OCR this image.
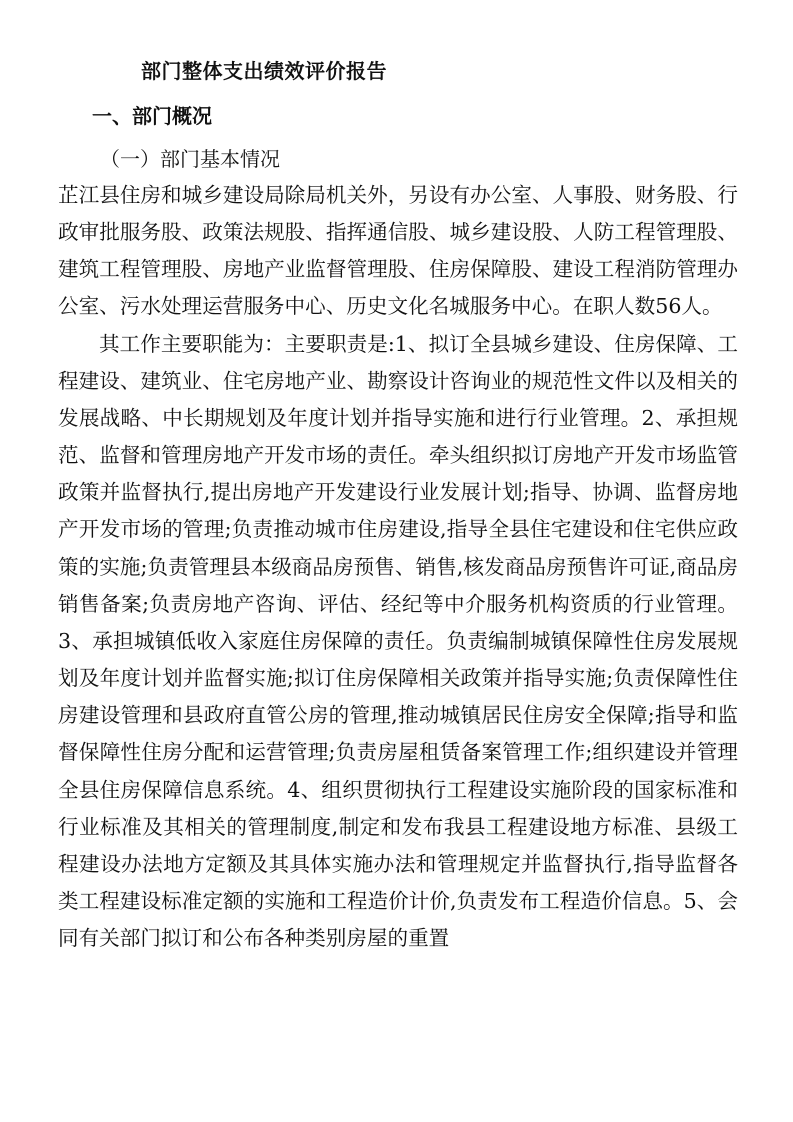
部门整体支出绩效评价报告
一、部门概况
（一）部门基本情况

芷江县住房和城乡建设局除局机关外，另设有办公室、人事股、财务股、行政审批服务股、政策法规股、指挥通信股、城乡建设股、人防工程管理股、建筑工程管理股、房地产业监督管理股、住房保障股、建设工程消防管理办公室、污水处理运营服务中心、历史文化名城服务中心。在职人数56人。

其工作主要职能为：主要职责是:1、拟订全县城乡建设、住房保障、工程建设、建筑业、住宅房地产业、勘察设计咨询业的规范性文件以及相关的发展战略、中长期规划及年度计划并指导实施和进行行业管理。2、承担规范、监督和管理房地产开发市场的责任。牵头组织拟订房地产开发市场监管政策并监督执行,提出房地产开发建设行业发展计划;指导、协调、监督房地产开发市场的管理;负责推动城市住房建设,指导全县住宅建设和住宅供应政策的实施;负责管理县本级商品房预售、销售,核发商品房预售许可证,商品房销售备案;负责房地产咨询、评估、经纪等中介服务机构资质的行业管理。3、承担城镇低收入家庭住房保障的责任。负责编制城镇保障性住房发展规划及年度计划并监督实施;拟订住房保障相关政策并指导实施;负责保障性住房建设管理和县政府直管公房的管理,推动城镇居民住房安全保障;指导和监督保障性住房分配和运营管理;负责房屋租赁备案管理工作;组织建设并管理全县住房保障信息系统。4、组织贯彻执行工程建设实施阶段的国家标准和行业标准及其相关的管理制度,制定和发布我县工程建设地方标准、县级工程建设办法地方定额及其具体实施办法和管理规定并监督执行,指导监督各类工程建设标准定额的实施和工程造价计价,负责发布工程造价信息。5、会同有关部门拟订和公布各种类别房屋的重置
